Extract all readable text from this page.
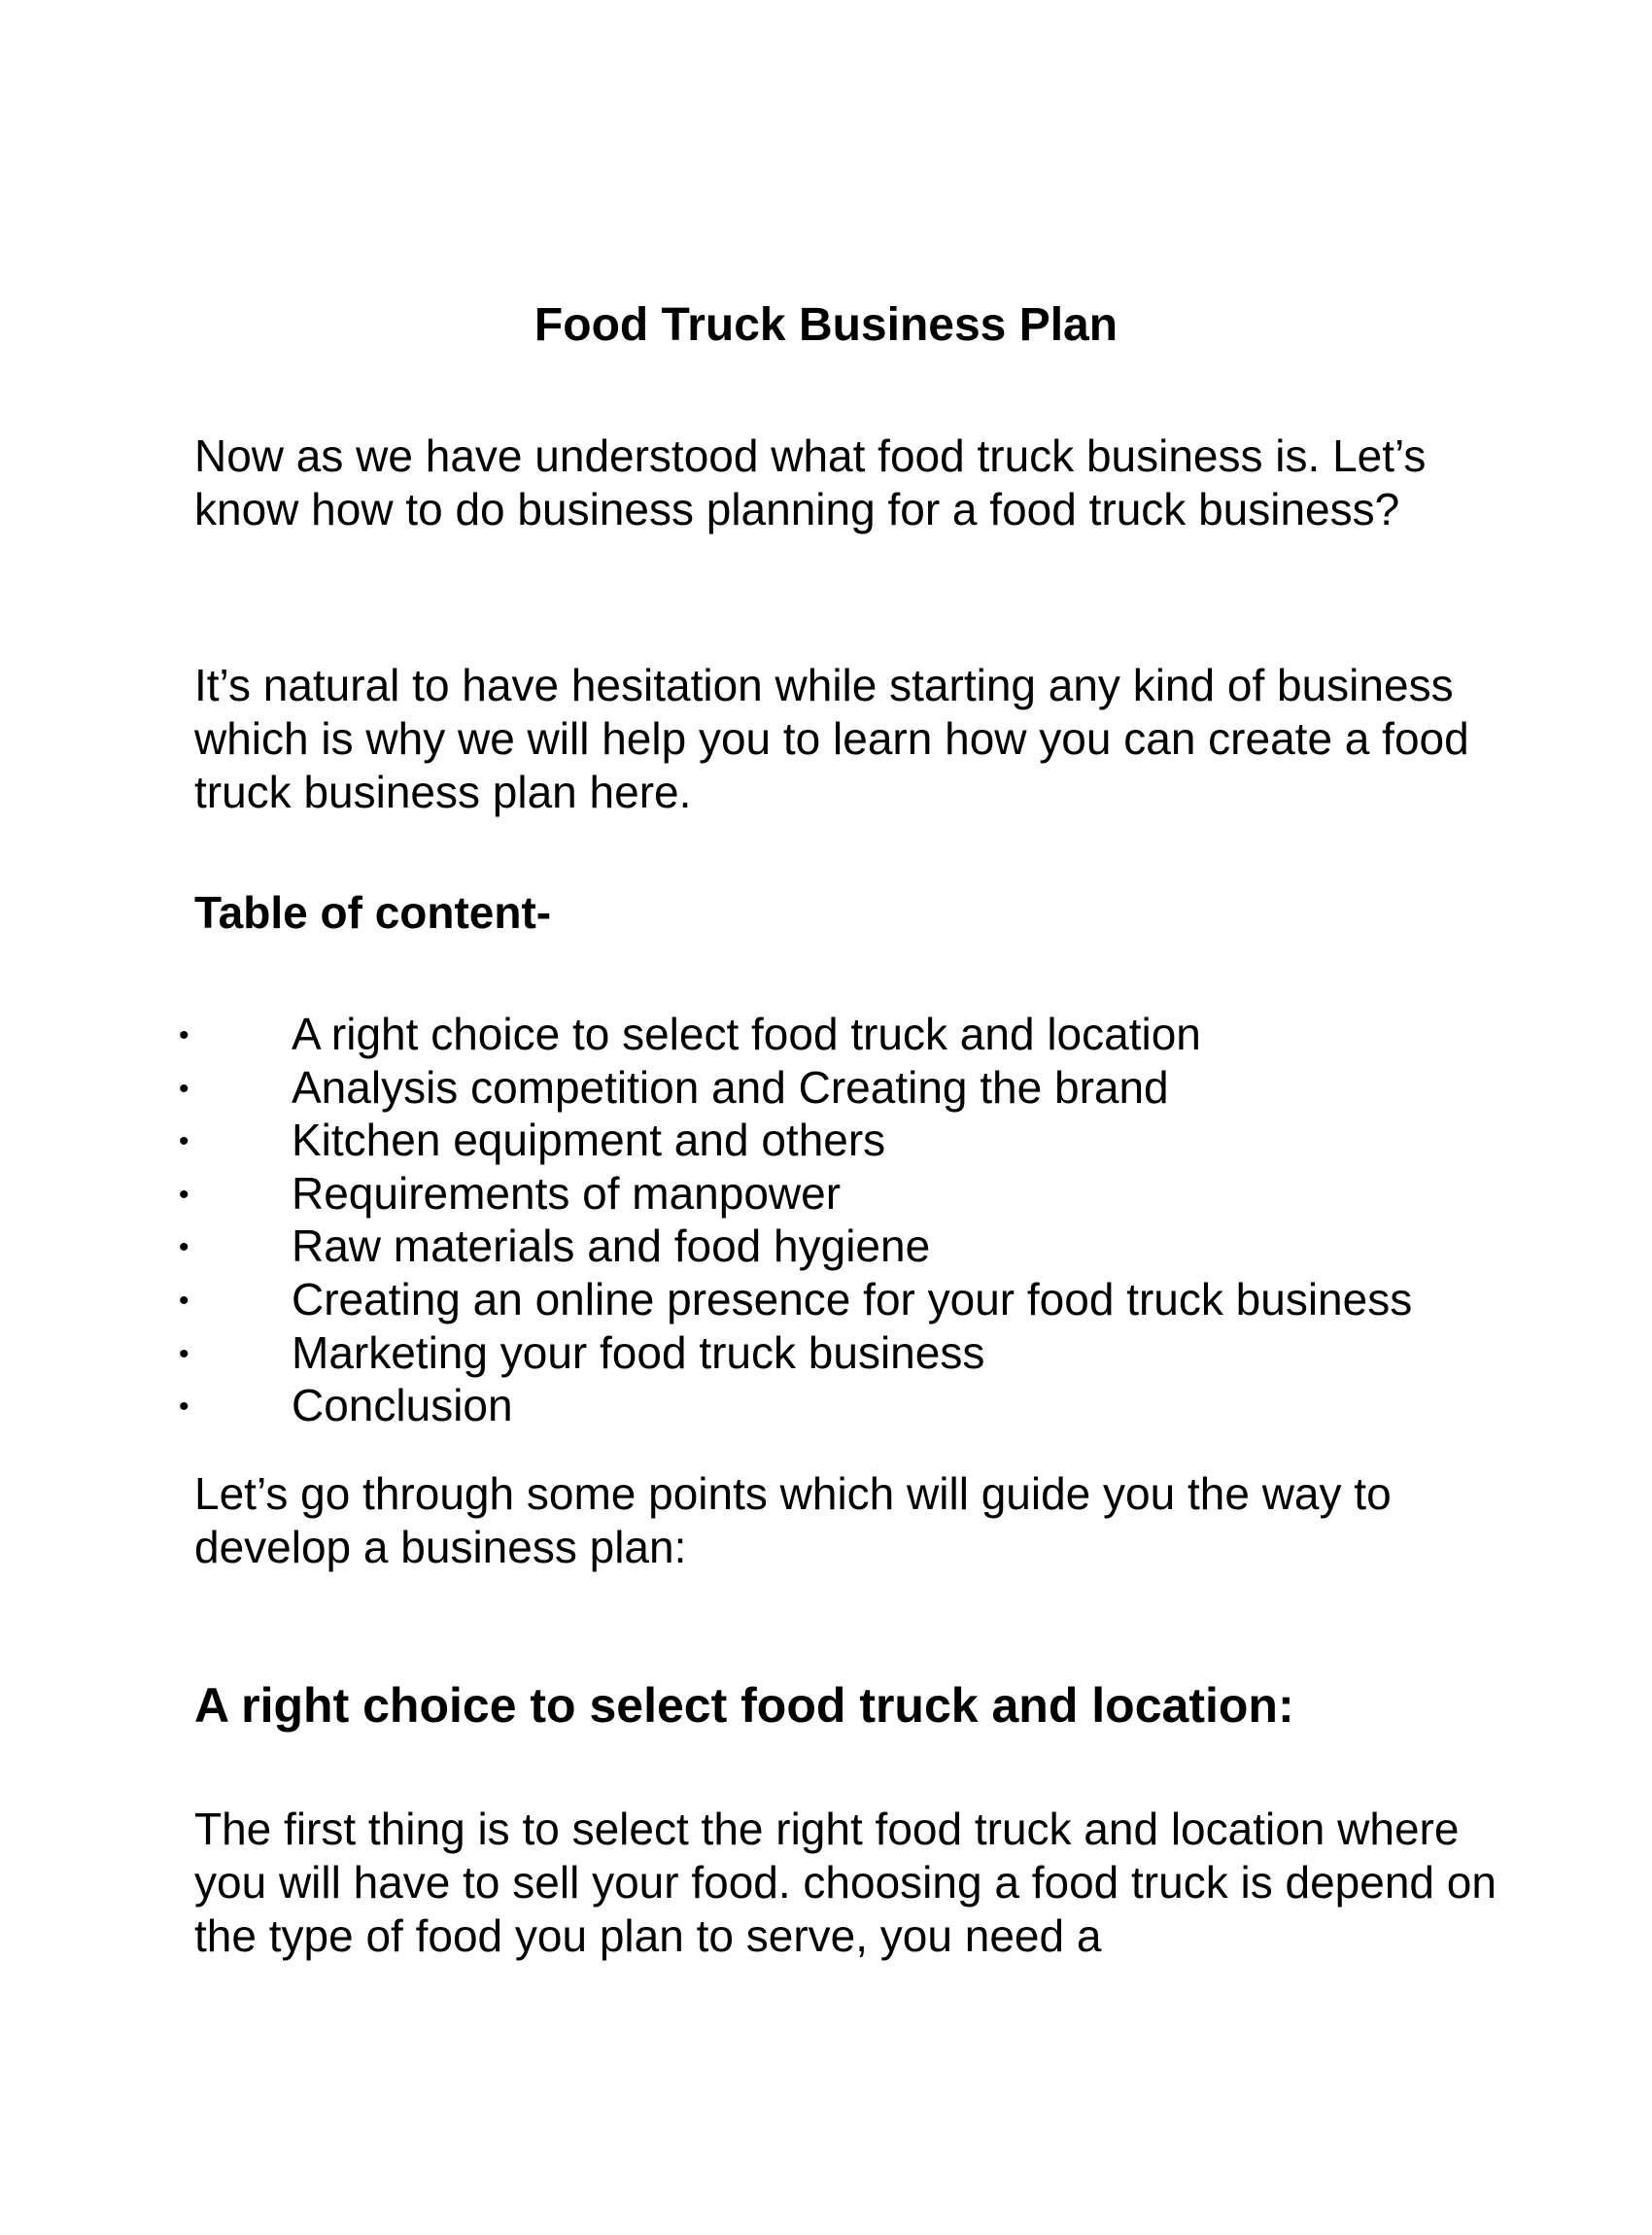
Food Truck Business Plan

Now as we have understood what food truck business is. Let’s know how to do business planning for a food truck business?

It’s natural to have hesitation while starting any kind of business which is why we will help you to learn how you can create a food truck business plan here.

Table of content-
• A right choice to select food truck and location
• Analysis competition and Creating the brand
• Kitchen equipment and others
• Requirements of manpower
• Raw materials and food hygiene
• Creating an online presence for your food truck business
• Marketing your food truck business
• Conclusion

Let’s go through some points which will guide you the way to develop a business plan:

A right choice to select food truck and location:

The first thing is to select the right food truck and location where you will have to sell your food. choosing a food truck is depend on the type of food you plan to serve, you need a
